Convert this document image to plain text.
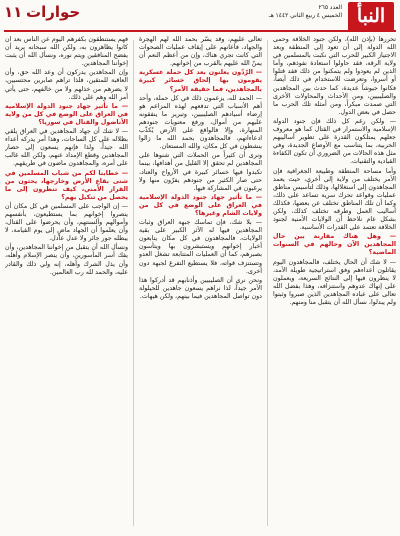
النبأ
العدد ٢٦٥
الخميس ٤ ربيع الثاني ١٤٤٢ هـ
حوارات
١١

تحررها (بإذن الله)، ولكن جنود الخلافة وحمى الله الدولة إلى أن تعود إلى المنطقة وبعد الاجتياز الكبير للحرب التي نكبت بالمسلمين في ولاية الرقة، فقد حاولوا استعادة نفوذهم، وأما الذين لم يعودوا ولم يتمكنوا من ذلك فقد قتلوا أو أسروا، وتعرضت للاستخدام في ذلك أيضاً، فكانوا جيوشاً عديدة، كما حدث بين المجاهدين والصليبيين، ومن الأحداث والمحاولات الأخرى التي صمدت مبكراً، ومن أمثلة تلك الحرب ما حصل في بعض الدول.

— ولكن رغم كل ذلك فإن جنود الدولة الإسلامية والاستمرار في القتال كما هو معروف جعلهم يمتلكون القدرة على تطوير أساليبهم الحربية، بما يتناسب مع الأوضاع الجديدة، وفي مثل هذه الحالات من الضروري أن تكون الكفاءة القيادية والتقنيات.

وأما مساحة المنطقة وطبيعة الجغرافية فإن الأمر يختلف من ولاية إلى أخرى، حيث يعمد المجاهدون إلى استغلالها، وذلك لتأسيس مناطق عمليات وقواعد تحرك سرية تساعد على ذلك، وكما أن تلك المناطق تختلف عن بعضها، فكذلك أساليب العمل وطرقه تختلف كذلك، ولكن بشكل عام نلاحظ أن الولايات الأمنية لجنود الخلافة تعتمد على القدرات الأساسية.

— وهل هناك مقارنة بين حال المجاهدين الآن وحالهم في السنوات الماضية؟

— لا شك أن الحال يختلف، فالمجاهدون اليوم يقاتلون أعداءهم وفق استراتيجية طويلة الأمد، لا ينظرون فيها إلى النتائج السريعة، ويعملون على إنهاك عدوهم واستنزافه، وهذا بفضل الله تعالى على عباده المجاهدين الذين صبروا وثبتوا ولم يبدلوا، نسأل الله أن يتقبل منا ومنهم.

تعالى عليهم، وقد يسّر بحمد الله لهم الهجرة والجهاد، فأعانهم على إيقاف عمليات الصحوات التي كانت تجري هناك، وإن من أعظم النعم أن يمنّ الله عليهم بالقرب من إخوانهم.

— الرّدّون يعلنون بعد كل حملة عسكرية يقومون بها إلحاق خسائر كبيرة بالمجاهدين، فما حقيقة الأمر؟

— الحمد لله، يزعمون ذلك في كل حملة، وأحد أهم الأسباب التي تدفعهم لهذه المزاعم هو إرضاء أسيادهم الصليبيين، وتبرير ما ينفقونه عليهم من أموال، ورفع معنويات جنودهم المنهارة، وإلا فالواقع على الأرض يُكذّب ادعاءاتهم، فالمجاهدون بحمد الله ما زالوا ينشطون في كل مكان، والله المستعان.

ونرى أن كثيراً من الحملات التي شنوها على المجاهدين لم تحقق إلا القليل من أهدافها، بينما تكبدوا فيها خسائر كبيرة في الأرواح والعتاد، حتى صار الكثير من جنودهم يفرّون منها ولا يرغبون في المشاركة فيها.

— ما تأثير جهاد جنود الدولة الإسلامية في العراق على الوضع في كل من ولايات الشام وغيرها؟

— بلا شك، فإن تماسك جبهة العراق وثبات المجاهدين فيها له الأثر الكبير على بقية الولايات، فالمجاهدون في كل مكان يتابعون أخبار إخوانهم ويستبشرون بها ويتأسون بصبرهم، كما أن العمليات المتتابعة تشغل العدو وتستنزف قواته، فلا يستطيع التفرغ لجبهة دون أخرى.

ونحن نرى أن الصليبيين وأذنابهم قد أدركوا هذا الأمر جيداً، لذا نراهم يسعون جاهدين للحيلولة دون تواصل المجاهدين فيما بينهم، ولكن هيهات.

فهم يستنطقون بكفرهم اليوم عن الناس بعد أن كانوا يظاهرون به، ولكن الله سبحانه يريد أن يفضح المنافقين ويتم نوره، ونسأل الله أن يثبت إخواننا المجاهدين.

وإن المجاهدين يدركون أن وعد الله حق، وأن العاقبة للمتقين، فلذا تراهم صابرين محتسبين، لا يضرهم من خذلهم ولا من خالفهم، حتى يأتي أمر الله وهم على ذلك.

— ما تأثير جهاد جنود الدولة الإسلامية في العراق على الوضع في كل من ولاية الأناضول والقتال في سوريا؟

— لا شك أن جهاد المجاهدين في العراق يلقي بظلاله على كل الساحات، وهذا أمر يدركه أعداء الله جيداً، ولذا فإنهم يسعون إلى حصار المجاهدين وقطع الإمداد عنهم، ولكن الله غالب على أمره، والمجاهدون ماضون في طريقهم.

— خطابنا لكم من شباب المسلمين في شتى بقاع الأرض وخارجها، يحثون من القرار الأمني، كيف تنظرون إلى ما يحصل من تنكيل بهم؟

— إن الواجب على المسلمين في كل مكان أن ينصروا إخوانهم بما يستطيعون، بأنفسهم وأموالهم وألسنتهم، وأن يحرضوا على القتال، وأن يعلموا أن الجهاد ماضٍ إلى يوم القيامة، لا يبطله جور جائر ولا عدل عادل.

ونسأل الله أن يتقبل من إخواننا المجاهدين، وأن يفك أسر المأسورين، وأن ينصر الإسلام وأهله، وأن يذل الشرك وأهله، إنه ولي ذلك والقادر عليه، والحمد لله رب العالمين.
